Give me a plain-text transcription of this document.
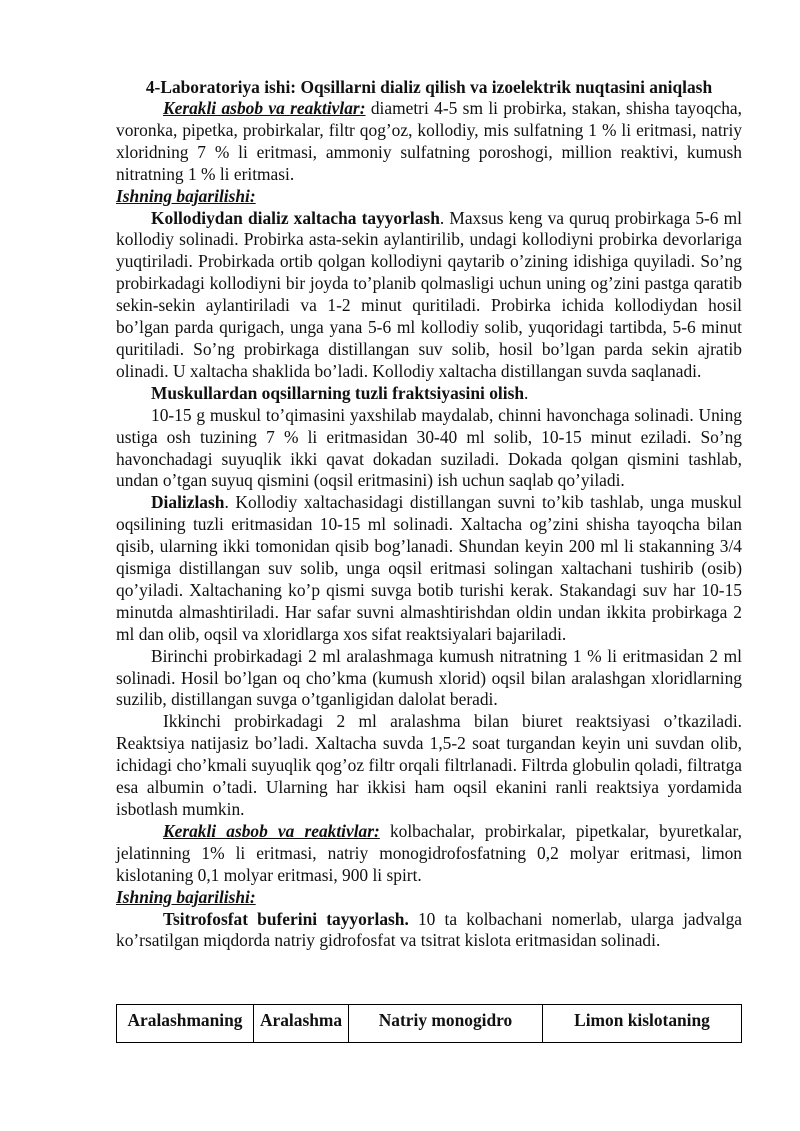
4-Laboratoriya ishi: Oqsillarni dializ qilish va izoelektrik nuqtasini aniqlash

Kerakli asbob va reaktivlar: diametri 4-5 sm li probirka, stakan, shisha tayoqcha, voronka, pipetka, probirkalar, filtr qog’oz, kollodiy, mis sulfatning 1 % li eritmasi, natriy xloridning 7 % li eritmasi, ammoniy sulfatning poroshogi, million reaktivi, kumush nitratning 1 % li eritmasi.

Ishning bajarilishi:

Kollodiydan dializ xaltacha tayyorlash. Maxsus keng va quruq probirkaga 5-6 ml kollodiy solinadi. Probirka asta-sekin aylantirilib, undagi kollodiyni probirka devorlariga yuqtiriladi. Probirkada ortib qolgan kollodiyni qaytarib o’zining idishiga quyiladi. So’ng probirkadagi kollodiyni bir joyda to’planib qolmasligi uchun uning og’zini pastga qaratib sekin-sekin aylantiriladi va 1-2 minut quritiladi. Probirka ichida kollodiydan hosil bo’lgan parda qurigach, unga yana 5-6 ml kollodiy solib, yuqoridagi tartibda, 5-6 minut quritiladi. So’ng probirkaga distillangan suv solib, hosil bo’lgan parda sekin ajratib olinadi. U xaltacha shaklida bo’ladi. Kollodiy xaltacha distillangan suvda saqlanadi.

Muskullardan oqsillarning tuzli fraktsiyasini olish.

10-15 g muskul to’qimasini yaxshilab maydalab, chinni havonchaga solinadi. Uning ustiga osh tuzining 7 % li eritmasidan 30-40 ml solib, 10-15 minut eziladi. So’ng havonchadagi suyuqlik ikki qavat dokadan suziladi. Dokada qolgan qismini tashlab, undan o’tgan suyuq qismini (oqsil eritmasini) ish uchun saqlab qo’yiladi.

Dializlash. Kollodiy xaltachasidagi distillangan suvni to’kib tashlab, unga muskul oqsilining tuzli eritmasidan 10-15 ml solinadi. Xaltacha og’zini shisha tayoqcha bilan qisib, ularning ikki tomonidan qisib bog’lanadi. Shundan keyin 200 ml li stakanning 3/4 qismiga distillangan suv solib, unga oqsil eritmasi solingan xaltachani tushirib (osib) qo’yiladi. Xaltachaning ko’p qismi suvga botib turishi kerak. Stakandagi suv har 10-15 minutda almashtiriladi. Har safar suvni almashtirishdan oldin undan ikkita probirkaga 2 ml dan olib, oqsil va xloridlarga xos sifat reaktsiyalari bajariladi.

Birinchi probirkadagi 2 ml aralashmaga kumush nitratning 1 % li eritmasidan 2 ml solinadi. Hosil bo’lgan oq cho’kma (kumush xlorid) oqsil bilan aralashgan xloridlarning suzilib, distillangan suvga o’tganligidan dalolat beradi.

Ikkinchi probirkadagi 2 ml aralashma bilan biuret reaktsiyasi o’tkaziladi. Reaktsiya natijasiz bo’ladi. Xaltacha suvda 1,5-2 soat turgandan keyin uni suvdan olib, ichidagi cho’kmali suyuqlik qog’oz filtr orqali filtrlanadi. Filtrda globulin qoladi, filtratga esa albumin o’tadi. Ularning har ikkisi ham oqsil ekanini ranli reaktsiya yordamida isbotlash mumkin.

Kerakli asbob va reaktivlar: kolbachalar, probirkalar, pipetkalar, byuretkalar, jelatinning 1% li eritmasi, natriy monogidrofosfatning 0,2 molyar eritmasi, limon kislotaning 0,1 molyar eritmasi, 900 li spirt.

Ishning bajarilishi:

Tsitrofosfat buferini tayyorlash. 10 ta kolbachani nomerlab, ularga jadvalga ko’rsatilgan miqdorda natriy gidrofosfat va tsitrat kislota eritmasidan solinadi.

Aralashmaning	Aralashma	Natriy monogidro	Limon kislotaning
